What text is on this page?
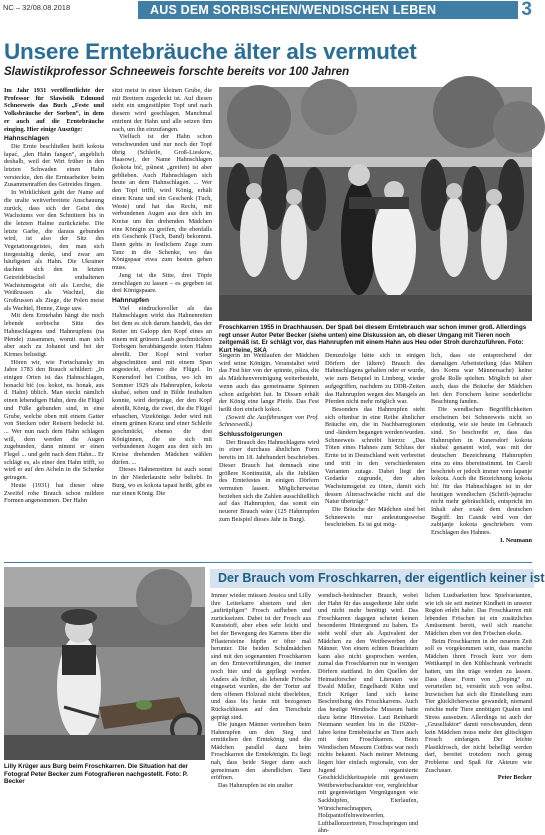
NC – 32/08.08.2018	AUS DEM SORBISCHEN/WENDISCHEN LEBEN	3
Unsere Erntebräuche älter als vermutet
Slawistikprofessor Schneeweis forschte bereits vor 100 Jahren

Im Jahr 1931 veröffentlichte der Professor für Slawistik Edmund Schneeweis das Buch „Feste und Volksbräuche der Sorben“, in dem er auch auf die Erntebräuche einging. Hier einige Auszüge:

Hahnschlagen

Die Ernte beschließen heift kokota łapać, „den Hahn fangen“, angeblich deshalb, weil der Wirt früher in den letzten Schwaden einen Hahn versteckte, den die Erntearbeiter beim Zusammenraffen des Getreides fingen.

In Wirklichkeit geht der Name auf die uralte weitverbreitete Anschauung zurück, dass sich der Geist des Wachstums vor den Schnittern bis in die letzten Halme zurückziehe. Die letzte Garbe, die daraus gebunden wird, ist also der Sitz des Vegetationsgeistes, den man sich tiergestaltig denkt, und zwar am häufigsten als Hahn. Die Ukrainer dachten sich den in letzten Getreidebüschel enthaltenen Wachstumsgeist oft als Lerche, die Weißrussen als Wachtel, die Großrussen als Ziege, die Polen meist als Wachtel, Henne, Ziege usw.

Mit dem Erntehahn hängt die noch lebende sorbische Sitte des Hahnschlagens und Hahnrupfens (na Płende) zusammen, womit man sich aber auch zu Johanni und bei der Kirmes belustigt.

Hören wir, wie Fortschansky im Jahre 1783 den Brauch schildert: „In einigen Orten ist das Hahnschlagen, honacki bić (os. kokot, ns. honak, aus d. Hahn) üblich. Man steckt nämlich einen lebendigen Hahn, dem die Flügel und Füße gebunden sind, in eine Grube, welche oben mit einem Gatter von Stecken oder Reisern bedeckt ist. ... Wer nun nach dem Hahn schlagen will, dem werden die Augen zugebunden, dann nimmt er einen Flegel ... und geht nach dem Hahn... Er schlägt es, als einer den Hahn trifft, so wird er auf den Acheln in die Schenke getragen.

Heute (1931) hat dieser ohne Zweifel rohe Brauch schon mildere Formen angenommen. Der Hahn

sitzt meist in einer kleinen Grube, die mit Brettern zugedeckt ist. Auf diesen steht ein umgestülpter Topf und nach diesem wird geschlagen. Manchmal entrinnt der Hahn und alle setzen ihm nach, um ihn einzufangen.

Vielfach ist der Hahn schon verschwunden und nur noch der Topf übrig (Schleife, Groß-Lieskow, Haasow), der Name Hahnschlagen (kokota bić, pśinest „greifen) ist aber geblieben. Auch Hahnschlagen sich heute an dem Hahnschlagen. ... Wer den Topf trifft, wird König, erhält einen Kranz und ein Geschenk (Tuch, Weste) und hat das Recht, mit verbundenen Augen aus den sich im Kreise um ihn drehenden Mädchen eine Königin zu greifen, die ebenfalls ein Geschenk (Tuch, Band) bekommt. Dann gehts in festlichem Zuge zum Tanz in die Schenke, wo das Königspaar etwa zum besten geben muss.

Jung ist die Sitte, drei Töpfe zerschlagen zu lassen – es gegeben ist drei Königspaare.

Hahnrupfen

Viel eindrucksvoller als das Hahnschlagen wirkt das Hahnenreiten bei dem es sich darum handelt, das der Reiter im Galopp den Kopf eines an einem mit grünem Laub geschmückten Torbogen herabhängende toten Hahns abreißt. Der Kopf wird vorher abgeschnitten und mit einem Span angesteckt, ebenso die Flügel. In Kunersdorf bei Cottbus, wo ich im Sommer 1929 als Hahnrupfen, kokota skubać, sehen und in Bilde festhalten konnte, wird derjenige, der den Kopf abreißt, König, die zwei, die die Flügel erhaschen, Vizekönige. Jeder wird mit einem grünen Kranz und einer Schleife geschmückt, ebenso die drei Königinnen, die sie sich mit verbundenen Augen aus den sich im Kreise drehenden Mädchen wählen dürfen. ...

Dieses Hahnenreiten ist auch sonst in der Niederlausitz sehr beliebt. In Burg, wo es kokota tapasi heißt, gibt es nur einen König. Die

Froschkarren 1955 in Drachhausen. Der Spaß bei diesem Erntebrauch war schon immer groß. Allerdings regt unser Autor Peter Becker (siehe unten) eine Diskussion an, ob dieser Umgang mit Tieren noch zeitgemäß ist. Er schlägt vor, das Hahnrupfen mit einem Hahn aus Heu oder Stroh durchzuführen. Foto: Kurt Heine, SKA

Siegerin im Wettlaufen der Mädchen wird seine Königin. Veranstaltet wird das Fest hier von der spinnte, pśiza, die als Mädchenvereinigung weiterbesteht, wenn auch das gemeinsame Spinnen schon aufgehört hat. In Dissen erhält der König eine lange Pfeife. Das Fest heißt dort einfach kokot.

(Soweit die Ausführungen von Prof. Schneeweiß.)

Schlussfolgerungen

Der Brauch des Hahnschlagens wird in einer durchaus ähnlichen Form bereits im 18. Jahrhundert beschrieben. Dieser Brauch hat demnach eine größere Kontinuität, als die Jubiläen des Erntefestes in einigen Dörfern vermuten lassen. Möglicherweise beziehen sich die Zahlen ausschließlich auf das Hahnrupfen, das somit ein neuerer Brauch wäre (125 Hahnrupfen zum Beispiel dieses Jahr in Burg).

Demzufolge hätte sich in einigen Dörfern der (ältere) Brauch des Hahnschlagens gehalten oder er wurde, wie zum Beispiel in Limberg, wieder aufgegriffen, nachdem zu DDR-Zeiten das Hahnrupfen wegen des Mangels an Pferden nicht mehr möglich war.

Besonders das Hahnrupfen steht sich oftenbar in eine Reihe ähnlicher Bräuche ein, die in Nachbarregionen und -ländern begangen werden/wurden. Schneeweis schreibt hierzu: „Das Töten eines Hahnes zum Schluss der Ernte ist in Deutschland weit verbreitet und tritt in den verschiedensten Varianten zutage. Dabei liegt der Gedanke zugrunde, den alten Wachstumsgeist zu töten, damit sich dessen Altersschwäche nicht auf die Natur überträgt.“

Die Bräuche der Mädchen sind bei Schneeweis nur andeutungsweise beschrieben. Es ist gut mög-

lich, dass sie entsprechend der damaligen Arbeitsteilung (das Mähen des Korns war Männersache) keine große Rolle spielten. Möglich ist aber auch, dass die Bräuche der Mädchen bei den Forschern keine sonderliche Beachtung fanden.

Die wendischen Begrifflichkeiten erscheinen bei Schneeweis nicht so eindeutig, wie sie heute im Gebrauch sind. So beschreibt er, dass das Hahnrupfen in Kunersdorf kokota skubać genannt wird, was mit der deutschen Bezeichnung Hahnrupfen eins zu eins übereinstimmt. Im Caroli beschrieb er jedoch immer vom łapanje kokota. Auch die Bezeichnung kokota bić für das Hahnschlagen ist in der heutigen wendischen (Schrift-)sprache nicht mehr gebräuchlich, entspricht im Inhalt aber exakt dem deutschen Begriff. Im Casnik wird von der zabijanje kokota geschrieben: vom Erschlagen des Hahnes.

I. Neumann

Der Brauch vom Froschkarren, der eigentlich keiner ist
Lilly Krüger aus Burg beim Froschkarren. Die Situation hat der Fotograf Peter Becker zum Fotografieren nachgestellt. Foto: P. Becker

Immer wieder müssen Jessica und Lilly ihre Leiterkarre absetzen und den „auftrüpfigen“ Frosch aufheben und zurücksetzen. Dabei ist der Frosch aus Kunststoff, aber eben sehr leicht und bei der Bewegung des Karrens über die Pflastersteine hüpfte er öfter mal herunter. Die beiden Schulmädchen sind mit den sogenannten Froschkarren an den Erntevorführungen, die immer noch hier und da gepflegt werden. Anders als früher, als lebende Frösche eingesetzt wurden, die der Tortur auf dem offenen Holzrad nicht überlebten, und dass bis heute mit bezogenen Rückschlüssen auf den Tierschutz geprägt sind.

Die jungen Männer vertreiben beim Hahnrupfen um den Sieg und ermittelten den Erntekönig und die Mädchen parallel dazu beim Froschkarren die Erntekönigin. Es liegt nah, dass beide Sieger dann auch gemeinsam den abendlichen Tanz eröffnen.

Das Hahnrupfen ist ein uralter

wendisch-heidnischer Brauch, wobei der Hahn für das ausgediente Jahr steht und nicht mehr benötigt wird. Das Froschkarren dagegen scheint keinen besonderen Hintergrund zu haben. Es steht wohl eher als Äquivalent der Mädchen zu den Wettbewerben der Männer. Von einem echten Brauchtum kann also nicht gesprochen werden, zumal das Froschkarren nur in wenigen Dörfern stattfand. In den Quellen der Heimatforscher und Literaten wie Ewald Müller, Engelhardt Kühn und Erich Krüger fand sich keine Beschreibung des Froschkarrens. Auch das heutige Wendische Museum hatte dazu keine Hinweise. Laut Reinhardt Neumann wurden bis in die 1920er-Jahre keine Erntebräuche an Tiere auch mit dem Froschkarren. Beim Wendischen Museum Cottbus war noch nichts bekannt. Nach meiner Meinung liegen hier einfach regionale, von der Jugend organisierte Geschicklichkeitsspiele mit gewissem Wettbewerbscharakter vor, vergleichbar mit gegenwärtigen Vergnügungen wie Sackhüpfen, Eierlaufen, Würstchenschnappen, Holzpantoffelnweitwerfen, Luftballonzertreten, Froschspringen und ähn-

lichen Lustbarkeiten bzw. Spielvarianten, wie ich sie seit meiner Kindheit in unserer Region erlebt habe. Das Froschkarren mit lebenden Fröschen ist ein zusätzliches Amüsement bereit, weil sich manche Mädchen eben vor den Fröschen ekeln.

Beim Froschkarren in der neueren Zeit soll es vorgekommen sein, dass manche Mädchen ihren Frosch kurz vor dem Wettkampf in den Kühlschrank verbracht hatten, um ihn träge werden zu lassen. Dass diese Form von „Doping“ zu verurteilen ist, versteht sich von selbst. Inzwischen hat sich die Einstellung zum Tier glücklicherweise gewandelt, niemand möchte mehr Tiere unnötigen Qualen und Stress aussetzen. Allerdings ist auch der „Gruselfaktor“ damit verschwunden, denn kein Mädchen muss mehr den glitschigen Frosch einfangen. Der leichte Plastikfrosch, der nicht behelligt werden darf, bereitet trotzdem noch genug Probleme und Spaß für Akteure wie Zuschauer.

Peter Becker
